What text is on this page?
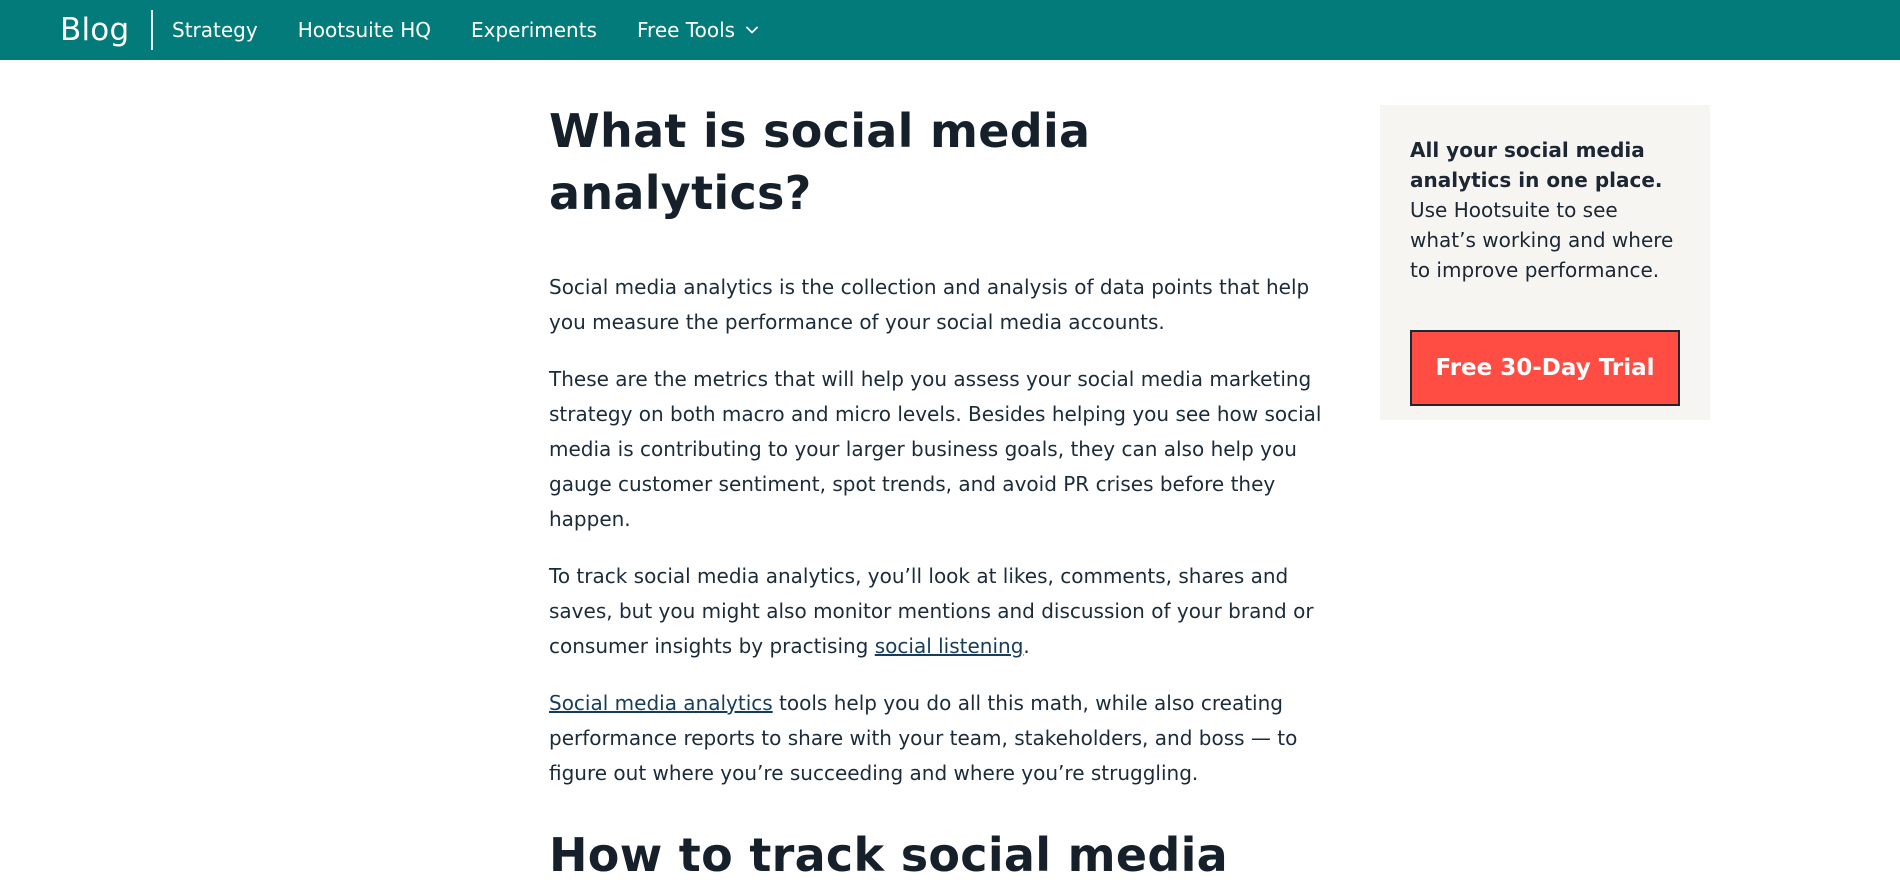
Blog Strategy Hootsuite HQ Experiments Free Tools
What is social media analytics?

Social media analytics is the collection and analysis of data points that help you measure the performance of your social media accounts.

These are the metrics that will help you assess your social media marketing strategy on both macro and micro levels. Besides helping you see how social media is contributing to your larger business goals, they can also help you gauge customer sentiment, spot trends, and avoid PR crises before they happen.

To track social media analytics, you’ll look at likes, comments, shares and saves, but you might also monitor mentions and discussion of your brand or consumer insights by practising social listening.

Social media analytics tools help you do all this math, while also creating performance reports to share with your team, stakeholders, and boss — to figure out where you’re succeeding and where you’re struggling.

How to track social media

All your social media analytics in one place. Use Hootsuite to see what’s working and where to improve performance.

Free 30-Day Trial
